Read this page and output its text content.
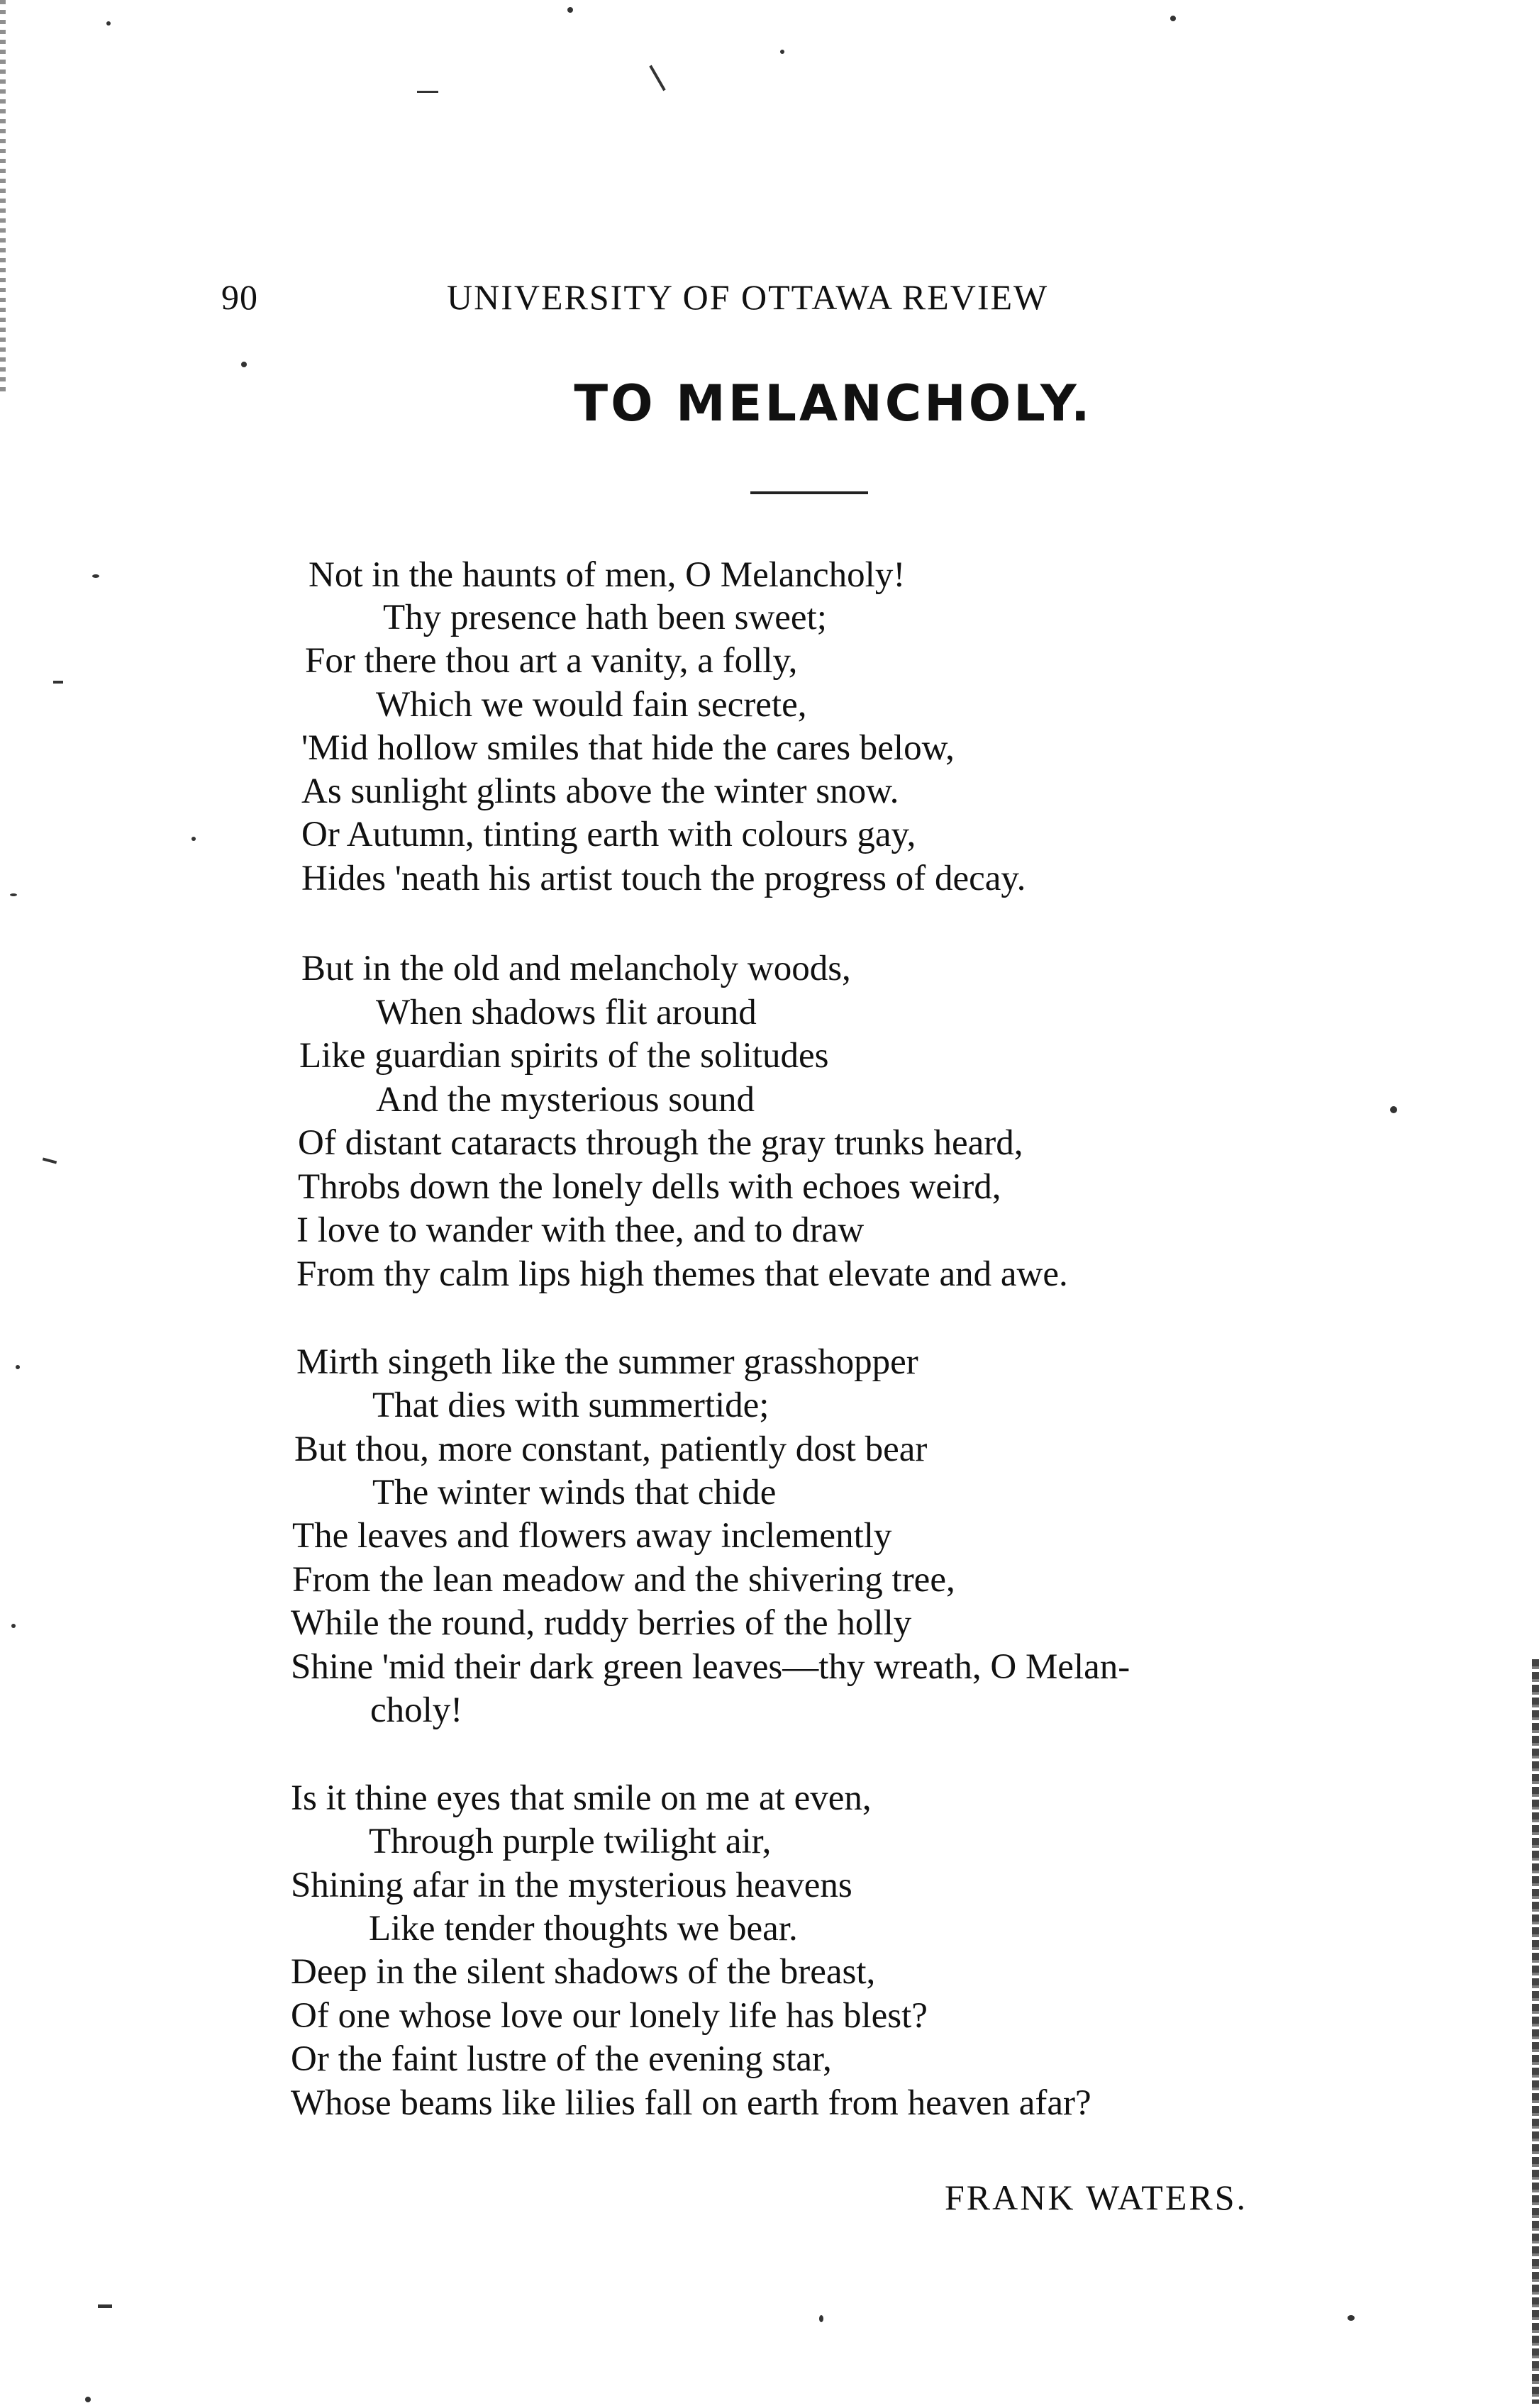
90	UNIVERSITY OF OTTAWA REVIEW
TO MELANCHOLY.
Not in the haunts of men, O Melancholy!
Thy presence hath been sweet;
For there thou art a vanity, a folly,
Which we would fain secrete,
'Mid hollow smiles that hide the cares below,
As sunlight glints above the winter snow.
Or Autumn, tinting earth with colours gay,
Hides 'neath his artist touch the progress of decay.
But in the old and melancholy woods,
When shadows flit around
Like guardian spirits of the solitudes
And the mysterious sound
Of distant cataracts through the gray trunks heard,
Throbs down the lonely dells with echoes weird,
I love to wander with thee, and to draw
From thy calm lips high themes that elevate and awe.
Mirth singeth like the summer grasshopper
That dies with summertide;
But thou, more constant, patiently dost bear
The winter winds that chide
The leaves and flowers away inclemently
From the lean meadow and the shivering tree,
While the round, ruddy berries of the holly
Shine 'mid their dark green leaves—thy wreath, O Melan-
choly!
Is it thine eyes that smile on me at even,
Through purple twilight air,
Shining afar in the mysterious heavens
Like tender thoughts we bear.
Deep in the silent shadows of the breast,
Of one whose love our lonely life has blest?
Or the faint lustre of the evening star,
Whose beams like lilies fall on earth from heaven afar?
FRANK WATERS.
